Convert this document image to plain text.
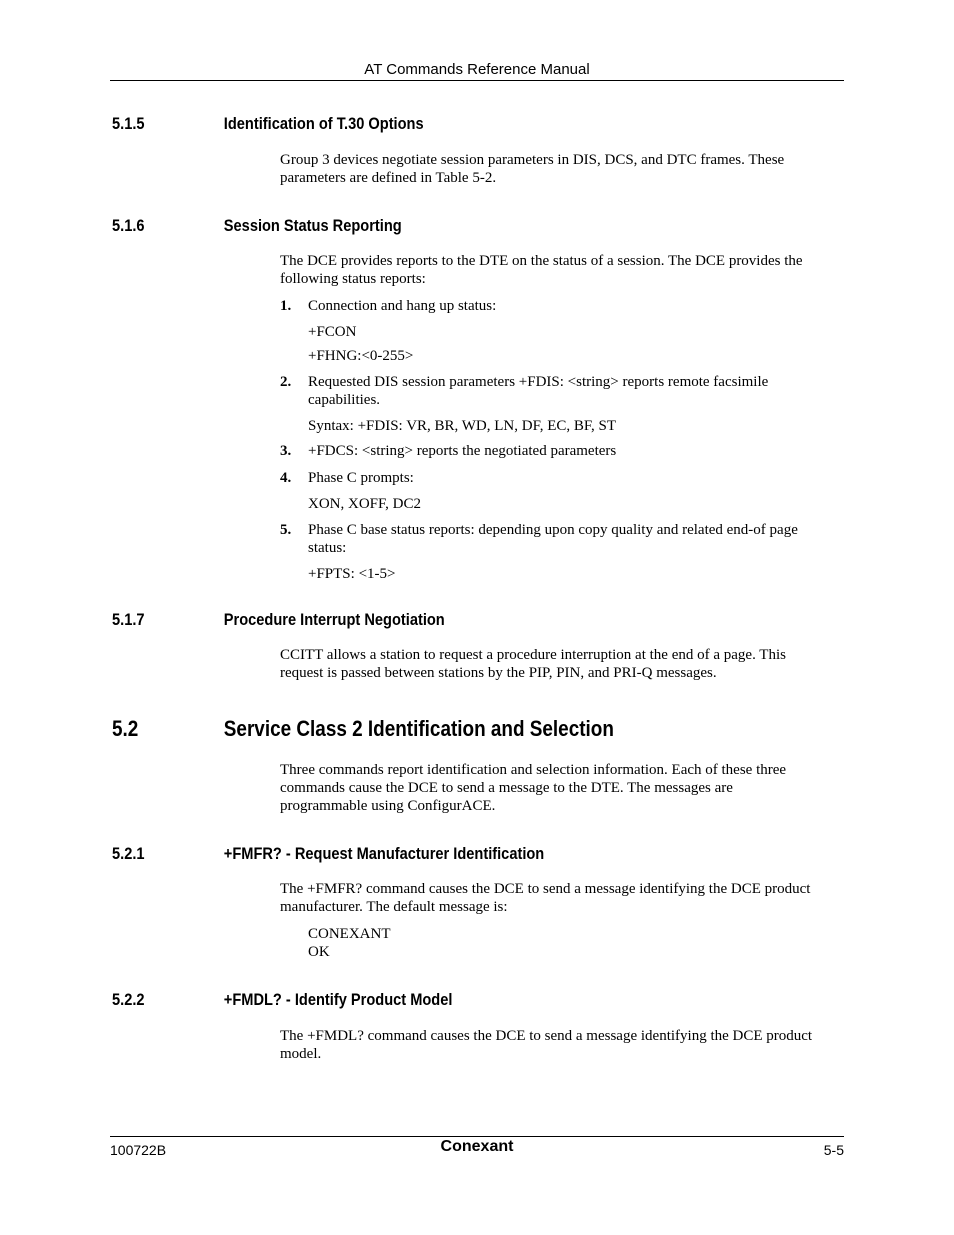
AT Commands Reference Manual
5.1.5	Identification of T.30 Options
Group 3 devices negotiate session parameters in DIS, DCS, and DTC frames. These
parameters are defined in Table 5-2.
5.1.6	Session Status Reporting
The DCE provides reports to the DTE on the status of a session. The DCE provides the
following status reports:
1. Connection and hang up status:
+FCON
+FHNG:<0-255>
2. Requested DIS session parameters +FDIS: <string> reports remote facsimile
capabilities.
Syntax: +FDIS: VR, BR, WD, LN, DF, EC, BF, ST
3. +FDCS: <string> reports the negotiated parameters
4. Phase C prompts:
XON, XOFF, DC2
5. Phase C base status reports: depending upon copy quality and related end-of page
status:
+FPTS: <1-5>
5.1.7	Procedure Interrupt Negotiation
CCITT allows a station to request a procedure interruption at the end of a page. This
request is passed between stations by the PIP, PIN, and PRI-Q messages.
5.2	Service Class 2 Identification and Selection
Three commands report identification and selection information. Each of these three
commands cause the DCE to send a message to the DTE. The messages are
programmable using ConfigurACE.
5.2.1	+FMFR? - Request Manufacturer Identification
The +FMFR? command causes the DCE to send a message identifying the DCE product
manufacturer. The default message is:
CONEXANT
OK
5.2.2	+FMDL? - Identify Product Model
The +FMDL? command causes the DCE to send a message identifying the DCE product
model.
100722B	Conexant	5-5
